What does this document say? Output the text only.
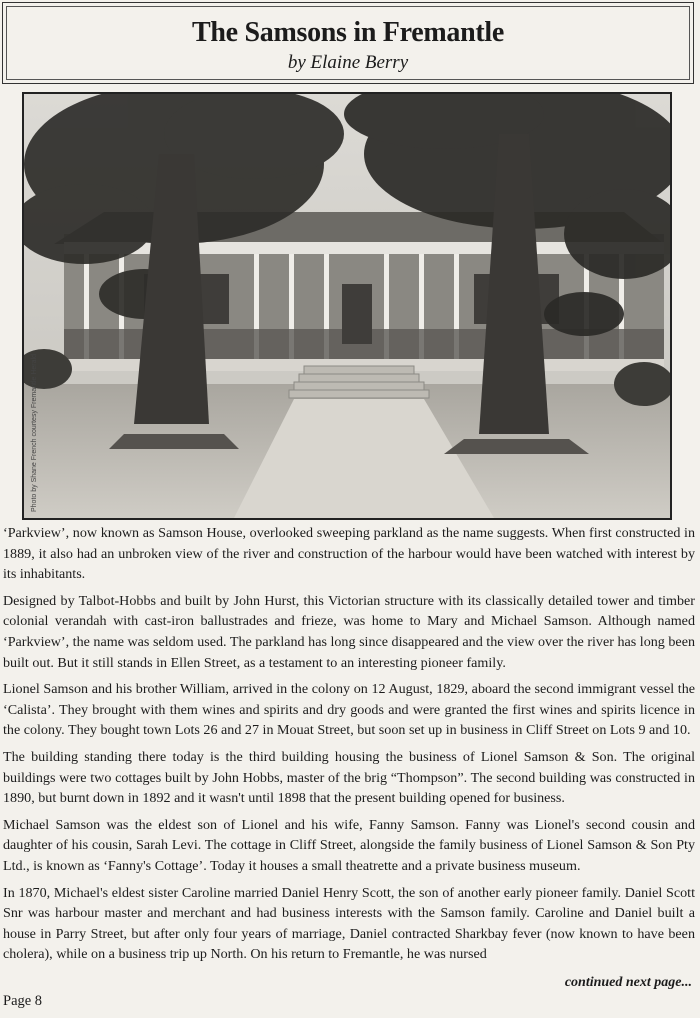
The Samsons in Fremantle
by Elaine Berry
Photo by Shane French courtesy Fremantle Herald

‘Parkview’, now known as Samson House, overlooked sweeping parkland as the name suggests. When first constructed in 1889, it also had an unbroken view of the river and construction of the harbour would have been watched with interest by its inhabitants.

Designed by Talbot-Hobbs and built by John Hurst, this Victorian structure with its classically detailed tower and timber colonial verandah with cast-iron ballustrades and frieze, was home to Mary and Michael Samson. Although named ‘Parkview’, the name was seldom used. The parkland has long since disappeared and the view over the river has long been built out. But it still stands in Ellen Street, as a testament to an interesting pioneer family.

Lionel Samson and his brother William, arrived in the colony on 12 August, 1829, aboard the second immigrant vessel the ‘Calista’. They brought with them wines and spirits and dry goods and were granted the first wines and spirits licence in the colony. They bought town Lots 26 and 27 in Mouat Street, but soon set up in business in Cliff Street on Lots 9 and 10.

The building standing there today is the third building housing the business of Lionel Samson & Son. The original buildings were two cottages built by John Hobbs, master of the brig “Thompson”. The second building was constructed in 1890, but burnt down in 1892 and it wasn't until 1898 that the present building opened for business.

Michael Samson was the eldest son of Lionel and his wife, Fanny Samson. Fanny was Lionel's second cousin and daughter of his cousin, Sarah Levi. The cottage in Cliff Street, alongside the family business of Lionel Samson & Son Pty Ltd., is known as ‘Fanny's Cottage’. Today it houses a small theatrette and a private business museum.

In 1870, Michael's eldest sister Caroline married Daniel Henry Scott, the son of another early pioneer family. Daniel Scott Snr was harbour master and merchant and had business interests with the Samson family. Caroline and Daniel built a house in Parry Street, but after only four years of marriage, Daniel contracted Sharkbay fever (now known to have been cholera), while on a business trip up North. On his return to Fremantle, he was nursed

continued next page...
Page 8
